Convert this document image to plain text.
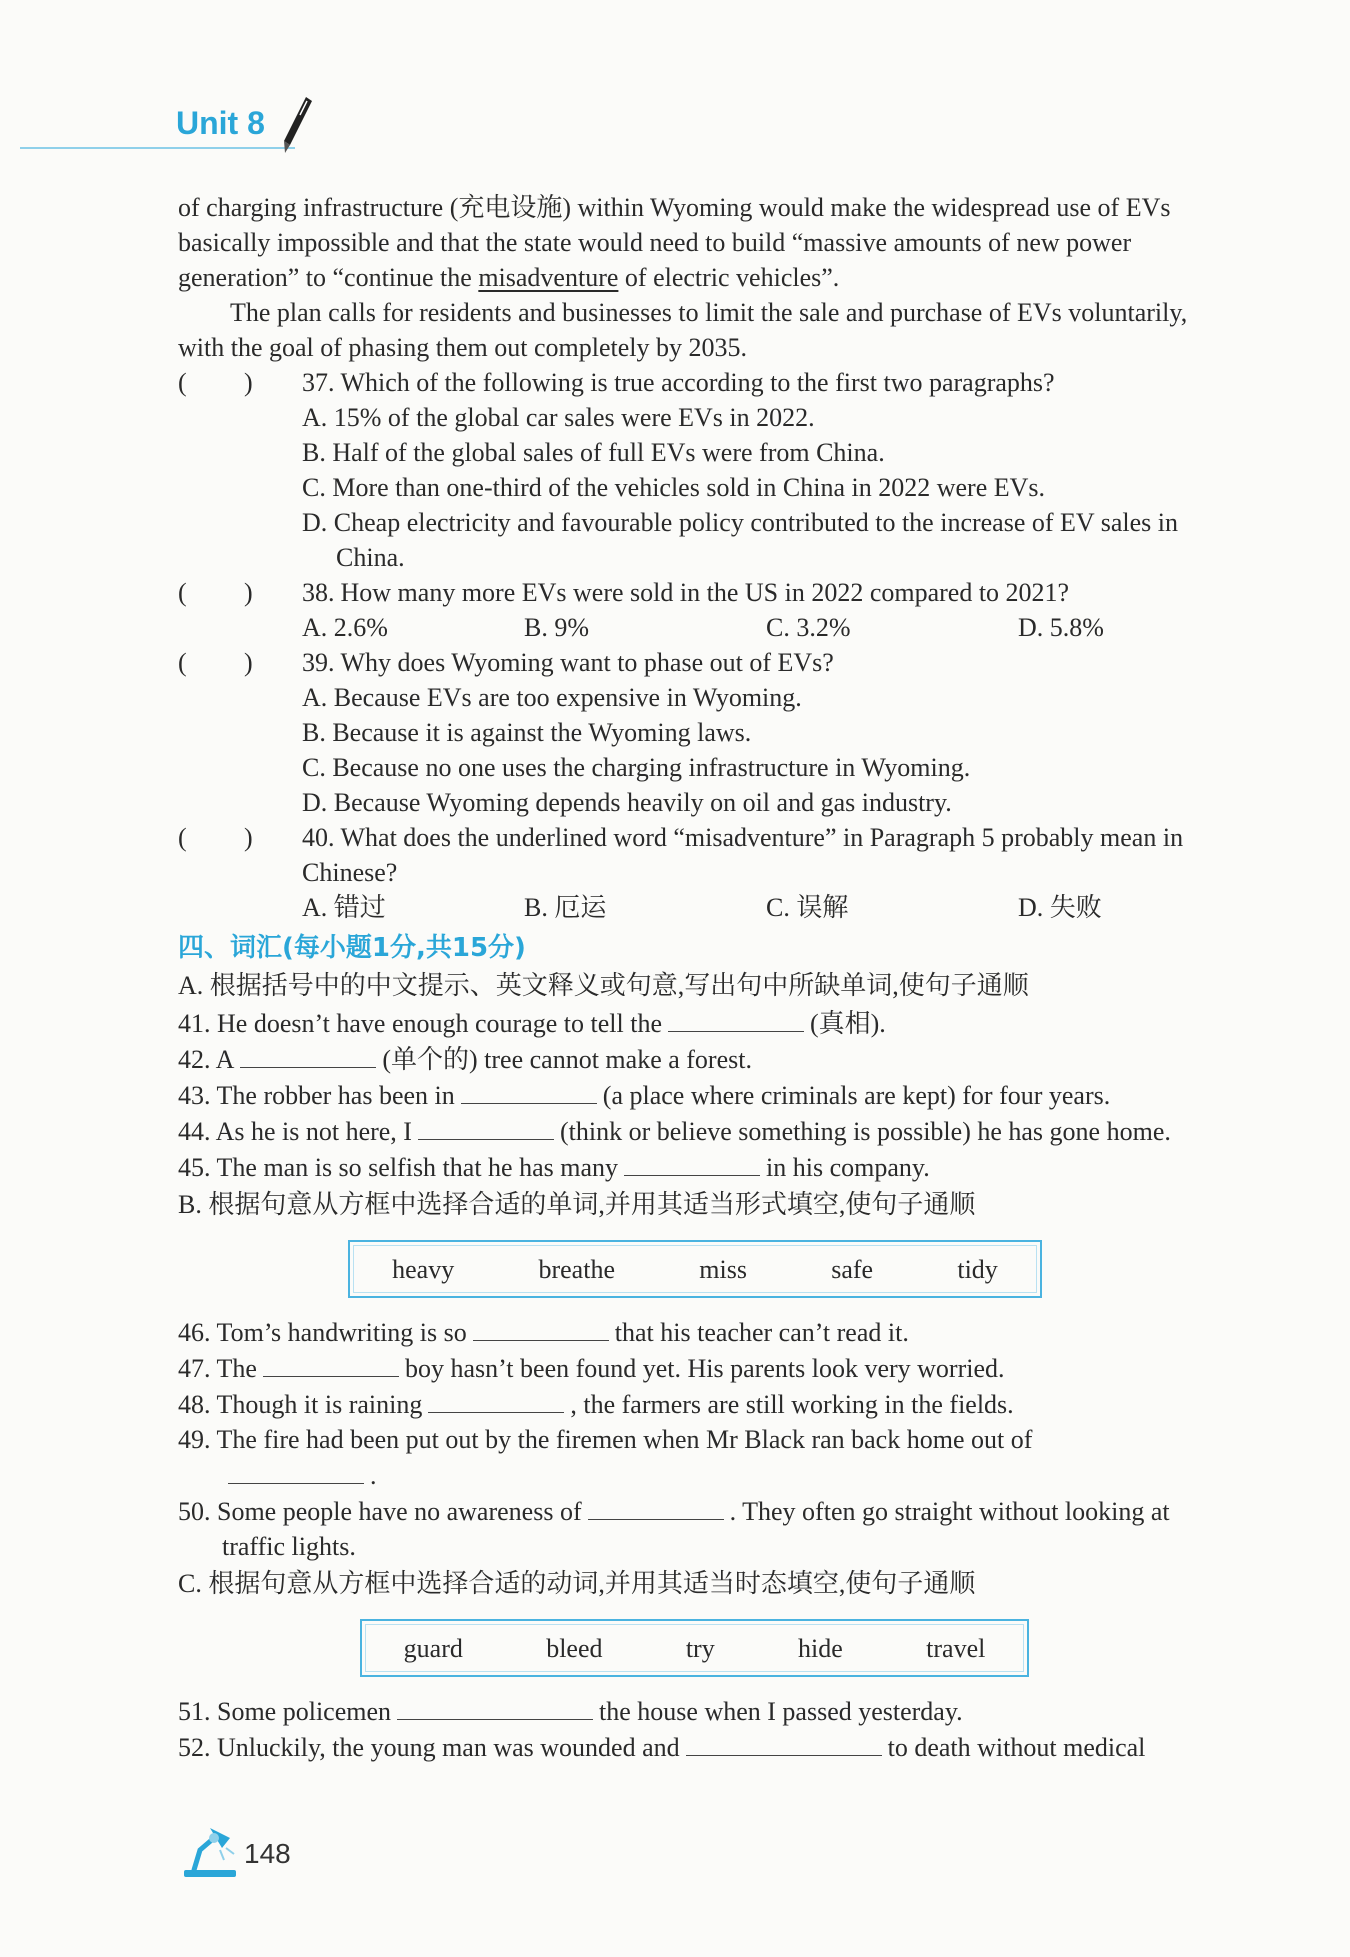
Unit 8

of charging infrastructure (充电设施) within Wyoming would make the widespread use of EVs basically impossible and that the state would need to build “massive amounts of new power generation” to “continue the misadventure of electric vehicles”.

The plan calls for residents and businesses to limit the sale and purchase of EVs voluntarily, with the goal of phasing them out completely by 2035.

( ) 37. Which of the following is true according to the first two paragraphs?
A. 15% of the global car sales were EVs in 2022.
B. Half of the global sales of full EVs were from China.
C. More than one-third of the vehicles sold in China in 2022 were EVs.
D. Cheap electricity and favourable policy contributed to the increase of EV sales in China.
( ) 38. How many more EVs were sold in the US in 2022 compared to 2021?
A. 2.6%	B. 9%	C. 3.2%	D. 5.8%
( ) 39. Why does Wyoming want to phase out of EVs?
A. Because EVs are too expensive in Wyoming.
B. Because it is against the Wyoming laws.
C. Because no one uses the charging infrastructure in Wyoming.
D. Because Wyoming depends heavily on oil and gas industry.
( ) 40. What does the underlined word “misadventure” in Paragraph 5 probably mean in Chinese?
A. 错过	B. 厄运	C. 误解	D. 失败
四、词汇(每小题1分,共15分)
A. 根据括号中的中文提示、英文释义或句意,写出句中所缺单词,使句子通顺
41. He doesn’t have enough courage to tell the	(真相).
42. A	(单个的) tree cannot make a forest.
43. The robber has been in	(a place where criminals are kept) for four years.
44. As he is not here, I	(think or believe something is possible) he has gone home.
45. The man is so selfish that he has many	in his company.
B. 根据句意从方框中选择合适的单词,并用其适当形式填空,使句子通顺
heavy	breathe	miss	safe	tidy
46. Tom’s handwriting is so	that his teacher can’t read it.
47. The	boy hasn’t been found yet. His parents look very worried.
48. Though it is raining	, the farmers are still working in the fields.
49. The fire had been put out by the firemen when Mr Black ran back home out of
.
50. Some people have no awareness of	. They often go straight without looking at traffic lights.
C. 根据句意从方框中选择合适的动词,并用其适当时态填空,使句子通顺
guard	bleed	try	hide	travel
51. Some policemen	the house when I passed yesterday.
52. Unluckily, the young man was wounded and	to death without medical
148
